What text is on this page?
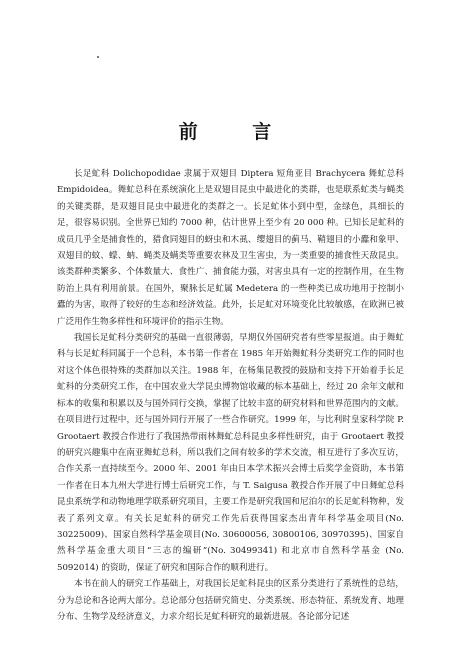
前 言

长足虻科 Dolichopodidae 隶属于双翅目 Diptera 短角亚目 Brachycera 舞虻总科 Empidoidea。舞虻总科在系统演化上是双翅目昆虫中最进化的类群，也是联系虻类与蝇类的关键类群，是双翅目昆虫中最进化的类群之一。长足虻体小到中型，金绿色，具细长的足，很容易识别。全世界已知约 7000 种，估计世界上至少有 20 000 种。已知长足虻科的成员几乎全是捕食性的，猎食同翅目的蚜虫和木虱、缨翅目的蓟马、鞘翅目的小蠹和象甲、双翅目的蚊、蠓、蚋、蝇类及螨类等重要农林及卫生害虫，为一类重要的捕食性天敌昆虫。该类群种类繁多、个体数量大、食性广、捕食能力强，对害虫具有一定的控制作用，在生物防治上具有利用前景。在国外，聚脉长足虻属 Medetera 的一些种类已成功地用于控制小蠹的为害，取得了较好的生态和经济效益。此外，长足虻对环境变化比较敏感，在欧洲已被广泛用作生物多样性和环境评价的指示生物。

我国长足虻科分类研究的基础一直很薄弱，早期仅外国研究者有些零星报道。由于舞虻科与长足虻科同属于一个总科，本书第一作者在 1985 年开始舞虻科分类研究工作的同时也对这个体色很特殊的类群加以关注。1988 年，在杨集昆教授的鼓励和支持下开始着手长足虻科的分类研究工作，在中国农业大学昆虫博物馆收藏的标本基础上，经过 20 余年文献和标本的收集和积累以及与国外同行交换，掌握了比较丰富的研究材料和世界范围内的文献。在项目进行过程中，还与国外同行开展了一些合作研究。1999 年，与比利时皇家科学院 P. Grootaert 教授合作进行了我国热带雨林舞虻总科昆虫多样性研究，由于 Grootaert 教授的研究兴趣集中在南亚舞虻总科，所以我们之间有较多的学术交流，相互进行了多次互访，合作关系一直持续至今。2000 年、2001 年由日本学术振兴会博士后奖学金资助，本书第一作者在日本九州大学进行博士后研究工作，与 T. Saigusa 教授合作开展了中日舞虻总科昆虫系统学和动物地理学联系研究项目，主要工作是研究我国和尼泊尔的长足虻科物种，发表了系列文章。有关长足虻科的研究工作先后获得国家杰出青年科学基金项目(No. 30225009)、国家自然科学基金项目(No. 30600056, 30800106, 30970395)、国家自然科学基金重大项目“三志的编研”(No. 30499341) 和北京市自然科学基金 (No. 5092014) 的资助，保证了研究和国际合作的顺利进行。

本书在前人的研究工作基础上，对我国长足虻科昆虫的区系分类进行了系统性的总结，分为总论和各论两大部分。总论部分包括研究简史、分类系统、形态特征、系统发育、地理分布、生物学及经济意义，力求介绍长足虻科研究的最新进展。各论部分记述
